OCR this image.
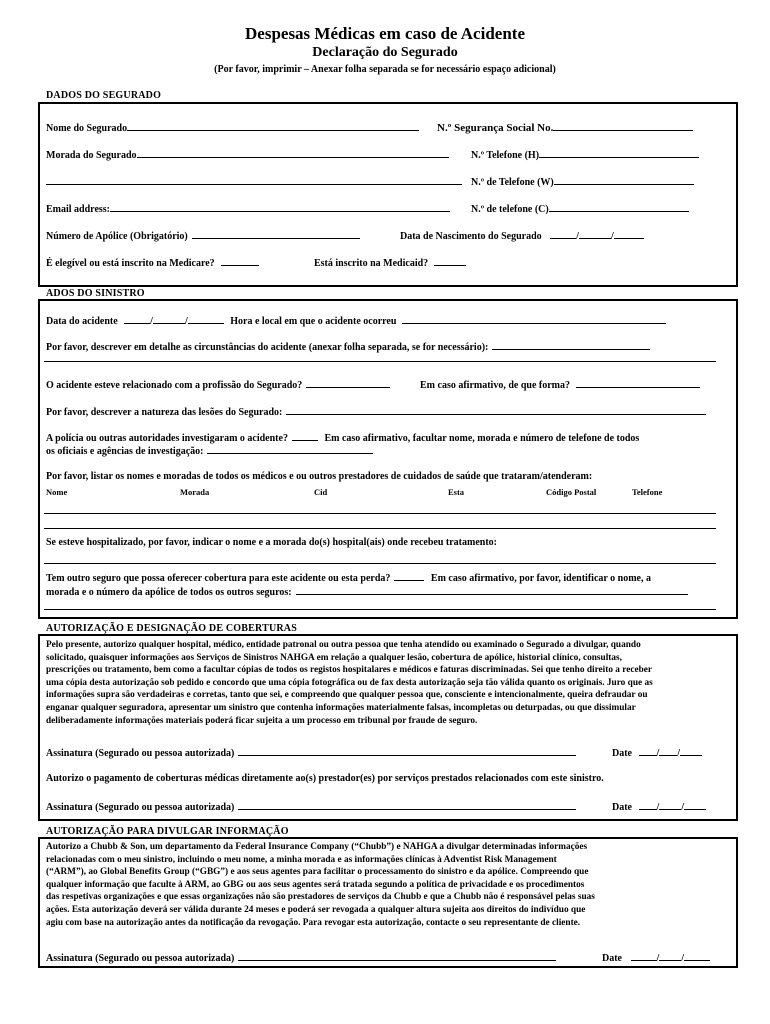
Despesas Médicas em caso de Acidente
Declaração do Segurado
(Por favor, imprimir – Anexar folha separada se for necessário espaço adicional)
DADOS DO SEGURADO
Nome do Segurado	N.º Segurança Social No.
Morada do Segurado	N.º Telefone (H)
N.º de Telefone (W)
Email address:	N.º de telefone (C)
Número de Apólice (Obrigatório)	Data de Nascimento do Segurado	/	/
É elegível ou está inscrito na Medicare?	Está inscrito na Medicaid?
ADOS DO SINISTRO
Data do acidente	/	/	Hora e local em que o acidente ocorreu
Por favor, descrever em detalhe as circunstâncias do acidente (anexar folha separada, se for necessário):
O acidente esteve relacionado com a profissão do Segurado?	Em caso afirmativo, de que forma?
Por favor, descrever a natureza das lesões do Segurado:
A polícia ou outras autoridades investigaram o acidente?	Em caso afirmativo, facultar nome, morada e número de telefone de todos
os oficiais e agências de investigação:
Por favor, listar os nomes e moradas de todos os médicos e ou outros prestadores de cuidados de saúde que trataram/atenderam:
Nome	Morada	Cid	Esta	Código Postal	Telefone
Se esteve hospitalizado, por favor, indicar o nome e a morada do(s) hospital(ais) onde recebeu tratamento:
Tem outro seguro que possa oferecer cobertura para este acidente ou esta perda?	Em caso afirmativo, por favor, identificar o nome, a
morada e o número da apólice de todos os outros seguros:
AUTORIZAÇÃO E DESIGNAÇÃO DE COBERTURAS
Pelo presente, autorizo qualquer hospital, médico, entidade patronal ou outra pessoa que tenha atendido ou examinado o Segurado a divulgar, quando
solicitado, quaisquer informações aos Serviços de Sinistros NAHGA em relação a qualquer lesão, cobertura de apólice, historial clínico, consultas,
prescrições ou tratamento, bem como a facultar cópias de todos os registos hospitalares e médicos e faturas discriminadas. Sei que tenho direito a receber
uma cópia desta autorização sob pedido e concordo que uma cópia fotográfica ou de fax desta autorização seja tão válida quanto os originais. Juro que as
informações supra são verdadeiras e corretas, tanto que sei, e compreendo que qualquer pessoa que, consciente e intencionalmente, queira defraudar ou
enganar qualquer seguradora, apresentar um sinistro que contenha informações materialmente falsas, incompletas ou deturpadas, ou que dissimular
deliberadamente informações materiais poderá ficar sujeita a um processo em tribunal por fraude de seguro.
Assinatura (Segurado ou pessoa autorizada)	Date / /
Autorizo o pagamento de coberturas médicas diretamente ao(s) prestador(es) por serviços prestados relacionados com este sinistro.
Assinatura (Segurado ou pessoa autorizada)	Date / /
AUTORIZAÇÃO PARA DIVULGAR INFORMAÇÃO
Autorizo a Chubb & Son, um departamento da Federal Insurance Company (“Chubb”) e NAHGA a divulgar determinadas informações
relacionadas com o meu sinistro, incluindo o meu nome, a minha morada e as informações clínicas à Adventist Risk Management
(“ARM”), ao Global Benefits Group (“GBG”) e aos seus agentes para facilitar o processamento do sinistro e da apólice. Compreendo que
qualquer informação que faculte à ARM, ao GBG ou aos seus agentes será tratada segundo a política de privacidade e os procedimentos
das respetivas organizações e que essas organizações não são prestadores de serviços da Chubb e que a Chubb não é responsável pelas suas
ações. Esta autorização deverá ser válida durante 24 meses e poderá ser revogada a qualquer altura sujeita aos direitos do indivíduo que
agiu com base na autorização antes da notificação da revogação. Para revogar esta autorização, contacte o seu representante de cliente.
Assinatura (Segurado ou pessoa autorizada)	Date	/ /
